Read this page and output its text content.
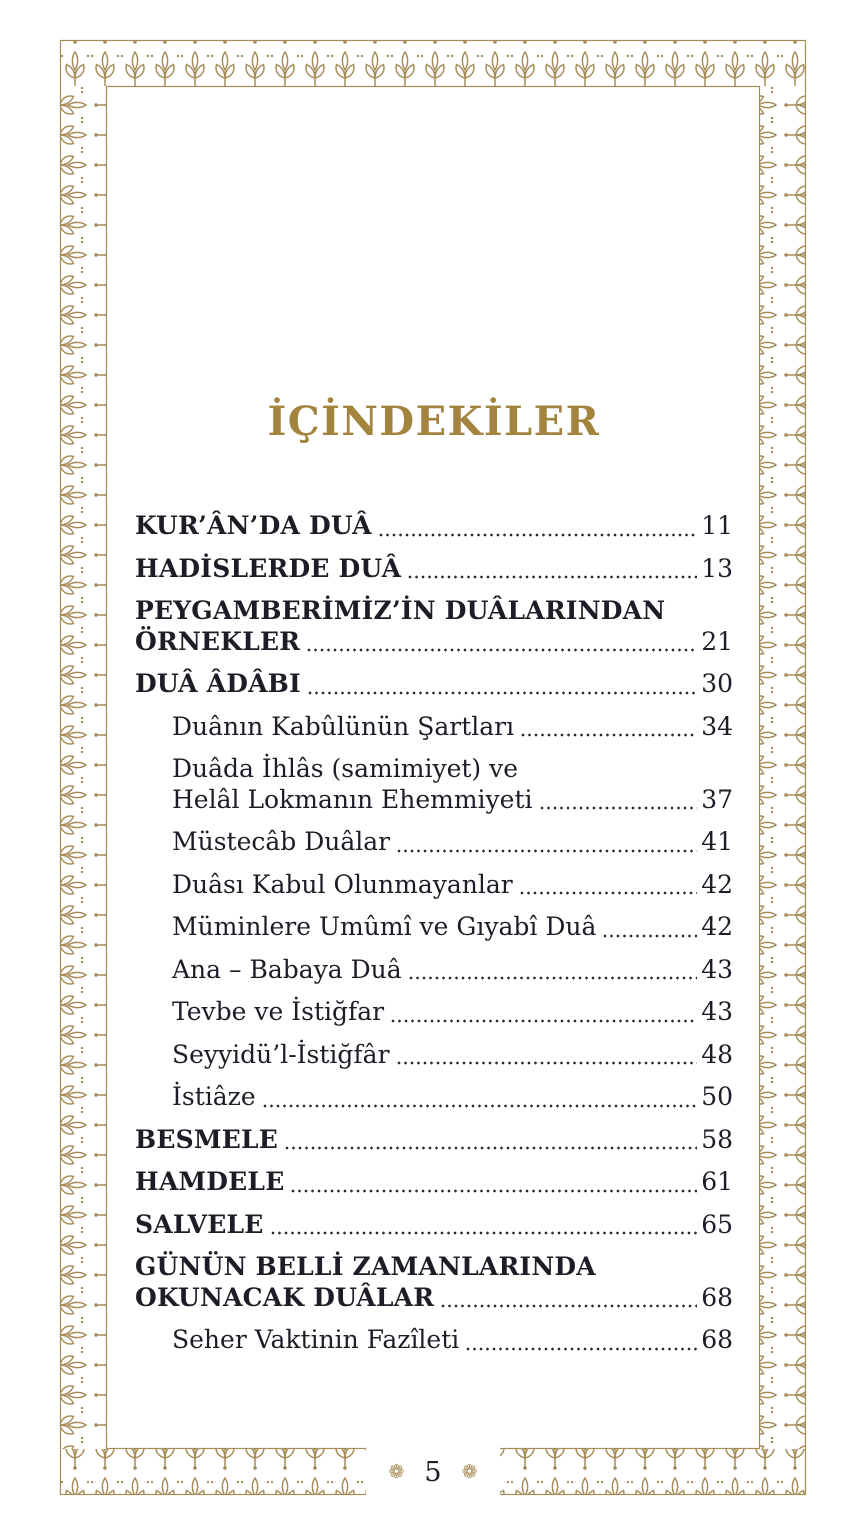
İÇİNDEKİLER
KUR’ÂN’DA DUÂ	11
HADİSLERDE DUÂ	13
PEYGAMBERİMİZ’İN DUÂLARINDAN
ÖRNEKLER	21
DUÂ ÂDÂBI	30
Duânın Kabûlünün Şartları	34
Duâda İhlâs (samimiyet) ve
Helâl Lokmanın Ehemmiyeti	37
Müstecâb Duâlar	41
Duâsı Kabul Olunmayanlar	42
Müminlere Umûmî ve Gıyabî Duâ	42
Ana – Babaya Duâ	43
Tevbe ve İstiğfar	43
Seyyidü’l-İstiğfâr	48
İstiâze	50
BESMELE	58
HAMDELE	61
SALVELE	65
GÜNÜN BELLİ ZAMANLARINDA
OKUNACAK DUÂLAR	68
Seher Vaktinin Fazîleti	68
❁ 5 ❁
